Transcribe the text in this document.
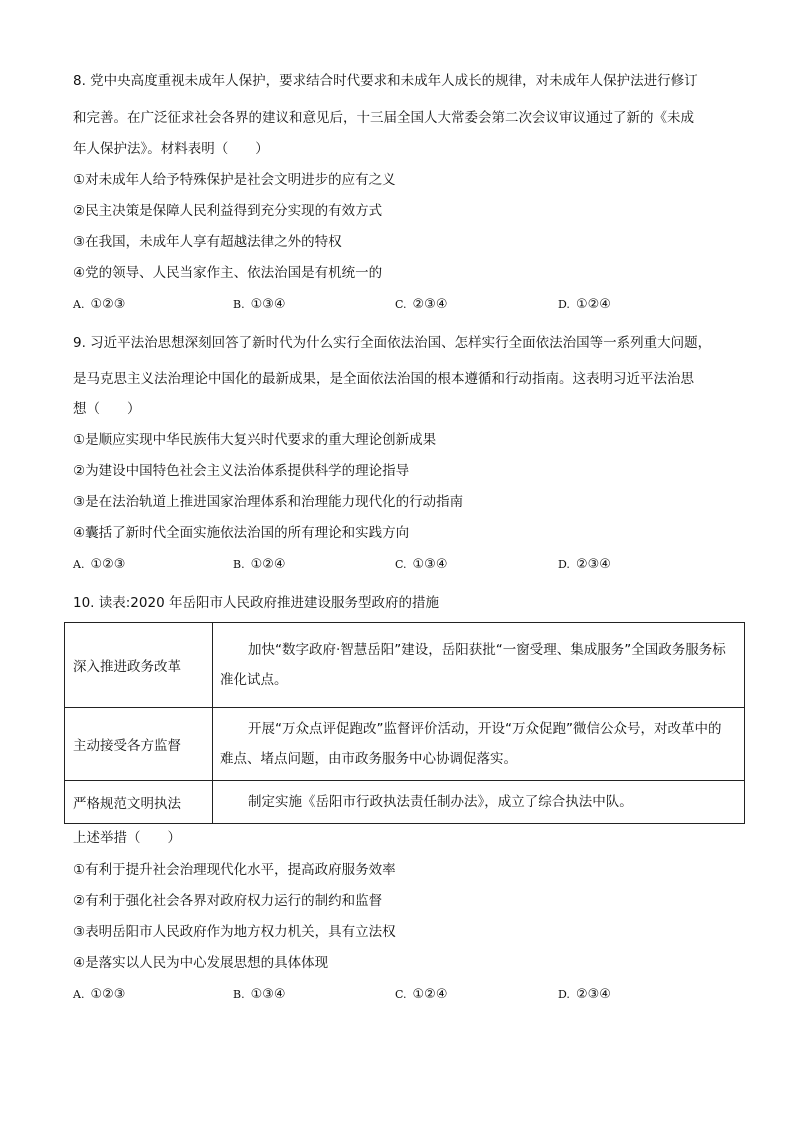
8. 党中央高度重视未成年人保护，要求结合时代要求和未成年人成长的规律，对未成年人保护法进行修订
和完善。在广泛征求社会各界的建议和意见后，十三届全国人大常委会第二次会议审议通过了新的《未成
年人保护法》。材料表明（　　）
①对未成年人给予特殊保护是社会文明进步的应有之义
②民主决策是保障人民利益得到充分实现的有效方式
③在我国，未成年人享有超越法律之外的特权
④党的领导、人民当家作主、依法治国是有机统一的
A. ①②③	B. ①③④	C. ②③④	D. ①②④
9. 习近平法治思想深刻回答了新时代为什么实行全面依法治国、怎样实行全面依法治国等一系列重大问题，
是马克思主义法治理论中国化的最新成果，是全面依法治国的根本遵循和行动指南。这表明习近平法治思
想（　　）
①是顺应实现中华民族伟大复兴时代要求的重大理论创新成果
②为建设中国特色社会主义法治体系提供科学的理论指导
③是在法治轨道上推进国家治理体系和治理能力现代化的行动指南
④囊括了新时代全面实施依法治国的所有理论和实践方向
A. ①②③	B. ①②④	C. ①③④	D. ②③④
10. 读表:2020 年岳阳市人民政府推进建设服务型政府的措施
深入推进政务改革	加快“数字政府·智慧岳阳”建设，岳阳获批“一窗受理、集成服务”全国政务服务标准化试点。
主动接受各方监督	开展“万众点评促跑改”监督评价活动，开设“万众促跑”微信公众号，对改革中的难点、堵点问题，由市政务服务中心协调促落实。
严格规范文明执法	制定实施《岳阳市行政执法责任制办法》，成立了综合执法中队。
上述举措（　　）
①有利于提升社会治理现代化水平，提高政府服务效率
②有利于强化社会各界对政府权力运行的制约和监督
③表明岳阳市人民政府作为地方权力机关，具有立法权
④是落实以人民为中心发展思想的具体体现
A. ①②③	B. ①③④	C. ①②④	D. ②③④
